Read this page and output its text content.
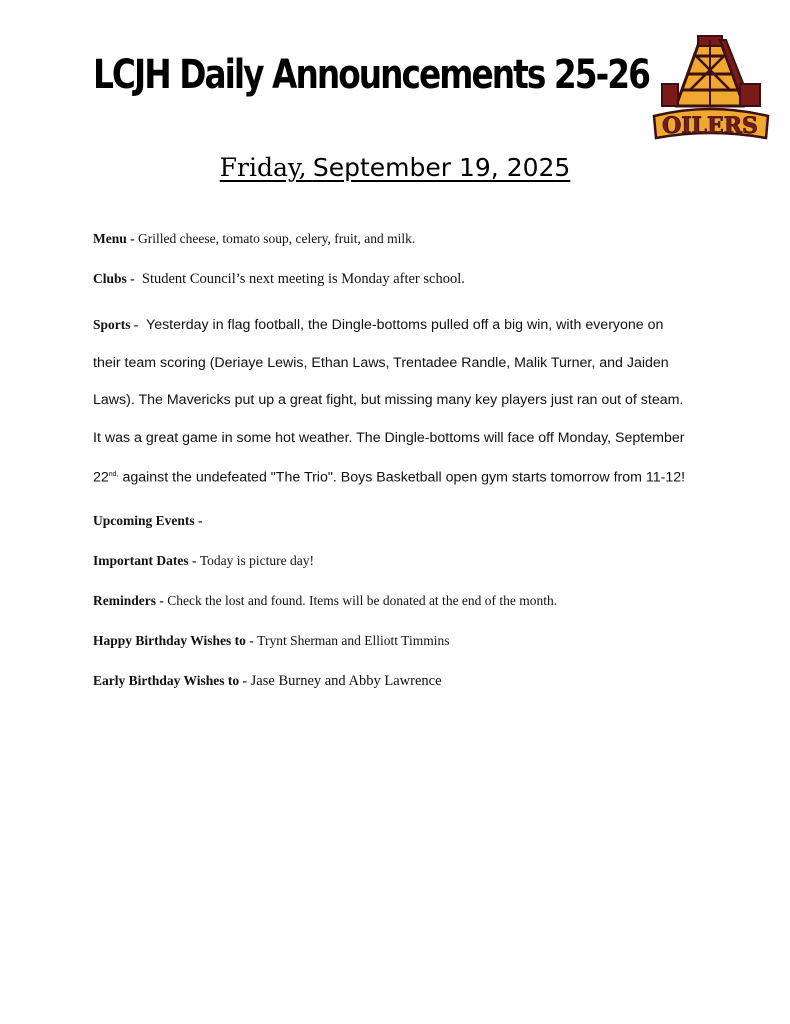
LCJH Daily Announcements 25-26
OILERS
Friday, September 19, 2025
Menu - Grilled cheese, tomato soup, celery, fruit, and milk.
Clubs - Student Council’s next meeting is Monday after school.
Sports - Yesterday in flag football, the Dingle-bottoms pulled off a big win, with everyone on
their team scoring (Deriaye Lewis, Ethan Laws, Trentadee Randle, Malik Turner, and Jaiden
Laws). The Mavericks put up a great fight, but missing many key players just ran out of steam.
It was a great game in some hot weather. The Dingle-bottoms will face off Monday, September
$22^{nd,}$ against the undefeated "The Trio". Boys Basketball open gym starts tomorrow from 11-12!
Upcoming Events -
Important Dates - Today is picture day!
Reminders - Check the lost and found. Items will be donated at the end of the month.
Happy Birthday Wishes to - Trynt Sherman and Elliott Timmins
Early Birthday Wishes to - Jase Burney and Abby Lawrence
